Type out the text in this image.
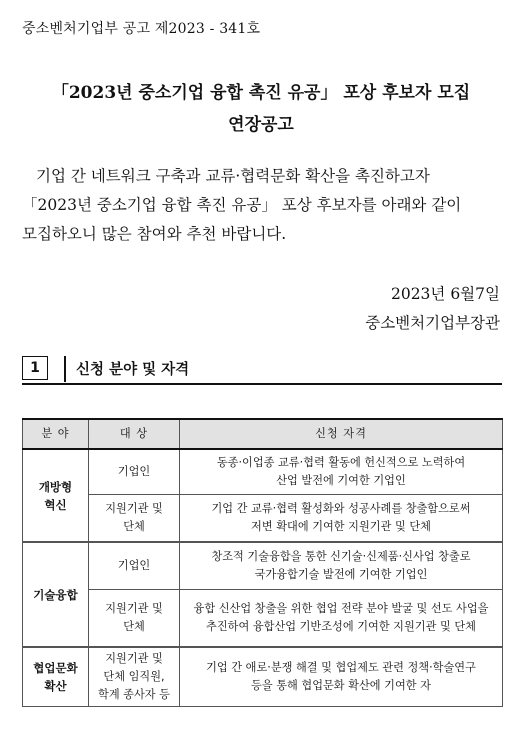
중소벤처기업부 공고 제2023 - 341호
「2023년 중소기업 융합 촉진 유공」 포상 후보자 모집
연장공고
기업 간 네트워크 구축과 교류·협력문화 확산을 촉진하고자
「2023년 중소기업 융합 촉진 유공」 포상 후보자를 아래와 같이
모집하오니 많은 참여와 추천 바랍니다.
2023년 6월7일
중소벤처기업부장관
1	신청 분야 및 자격
분 야	대 상	신청 자격

개방형
혁신	기업인	동종·이업종 교류·협력 활동에 헌신적으로 노력하여
산업 발전에 기여한 기업인

	지원기관 및
단체	기업 간 교류·협력 활성화와 성공사례를 창출함으로써
저변 확대에 기여한 지원기관 및 단체

기술융합	기업인	창조적 기술융합을 통한 신기술·신제품·신사업 창출로
국가융합기술 발전에 기여한 기업인

	지원기관 및
단체	융합 신산업 창출을 위한 협업 전략 분야 발굴 및 선도 사업을
추진하여 융합산업 기반조성에 기여한 지원기관 및 단체

협업문화
확산	지원기관 및
단체 임직원,
학계 종사자 등	기업 간 애로·분쟁 해결 및 협업제도 관련 정책·학술연구
등을 통해 협업문화 확산에 기여한 자
